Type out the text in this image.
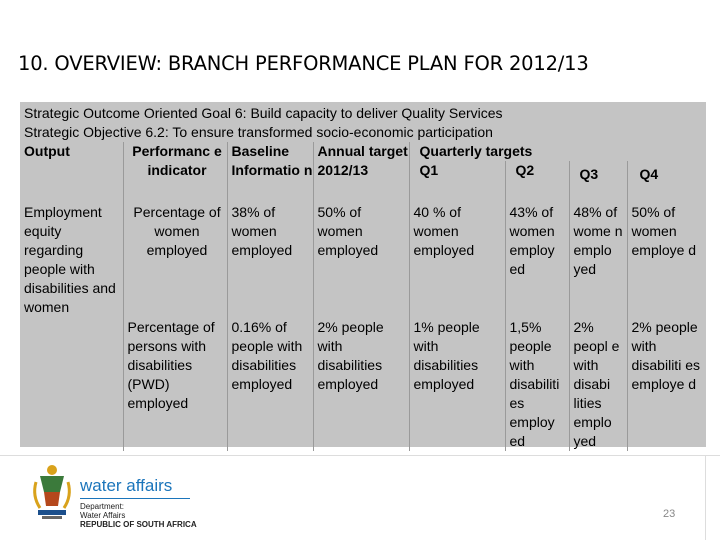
10. OVERVIEW: BRANCH PERFORMANCE PLAN FOR 2012/13
Strategic Outcome Oriented Goal 6: Build capacity to deliver Quality Services							
Strategic Objective 6.2: To ensure transformed socio-economic participation							
Output	Performanc e indicator	Baseline Informatio n	Annual target 2012/13	Quarterly targets			
				Q1	Q2	Q3	Q4

Employment equity regarding people with disabilities and women	Percentage of women employed	38% of women employed	50% of women employed	40 % of women employed	43% of women employ ed	48% of wome n emplo yed	50% of women employe d
	Percentage of persons with disabilities (PWD) employed	0.16% of people with disabilities employed	2% people with disabilities employed	1% people with disabilities employed	1,5% people with disabiliti es employ ed	2% peopl e with disabi lities emplo yed	2% people with disabiliti es employe d
water affairs
Department:
Water Affairs
REPUBLIC OF SOUTH AFRICA
23
